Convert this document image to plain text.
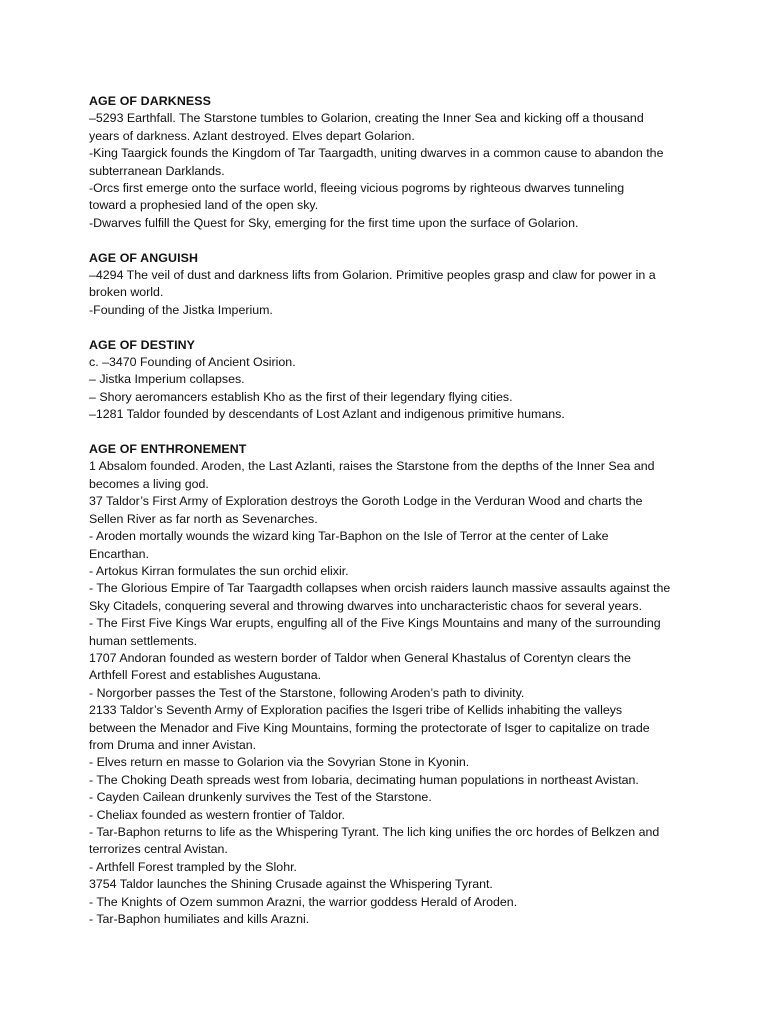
AGE OF DARKNESS
–5293 Earthfall. The Starstone tumbles to Golarion, creating the Inner Sea and kicking off a thousand
years of darkness. Azlant destroyed. Elves depart Golarion.
-King Taargick founds the Kingdom of Tar Taargadth, uniting dwarves in a common cause to abandon the
subterranean Darklands.
-Orcs first emerge onto the surface world, fleeing vicious pogroms by righteous dwarves tunneling
toward a prophesied land of the open sky.
-Dwarves fulfill the Quest for Sky, emerging for the first time upon the surface of Golarion.
AGE OF ANGUISH
–4294 The veil of dust and darkness lifts from Golarion. Primitive peoples grasp and claw for power in a
broken world.
-Founding of the Jistka Imperium.
AGE OF DESTINY
c. –3470 Founding of Ancient Osirion.
– Jistka Imperium collapses.
– Shory aeromancers establish Kho as the first of their legendary flying cities.
–1281 Taldor founded by descendants of Lost Azlant and indigenous primitive humans.
AGE OF ENTHRONEMENT
1 Absalom founded. Aroden, the Last Azlanti, raises the Starstone from the depths of the Inner Sea and
becomes a living god.
37 Taldor’s First Army of Exploration destroys the Goroth Lodge in the Verduran Wood and charts the
Sellen River as far north as Sevenarches.
- Aroden mortally wounds the wizard king Tar-Baphon on the Isle of Terror at the center of Lake
Encarthan.
- Artokus Kirran formulates the sun orchid elixir.
- The Glorious Empire of Tar Taargadth collapses when orcish raiders launch massive assaults against the
Sky Citadels, conquering several and throwing dwarves into uncharacteristic chaos for several years.
- The First Five Kings War erupts, engulfing all of the Five Kings Mountains and many of the surrounding
human settlements.
1707 Andoran founded as western border of Taldor when General Khastalus of Corentyn clears the
Arthfell Forest and establishes Augustana.
- Norgorber passes the Test of the Starstone, following Aroden’s path to divinity.
2133 Taldor’s Seventh Army of Exploration pacifies the Isgeri tribe of Kellids inhabiting the valleys
between the Menador and Five King Mountains, forming the protectorate of Isger to capitalize on trade
from Druma and inner Avistan.
- Elves return en masse to Golarion via the Sovyrian Stone in Kyonin.
- The Choking Death spreads west from Iobaria, decimating human populations in northeast Avistan.
- Cayden Cailean drunkenly survives the Test of the Starstone.
- Cheliax founded as western frontier of Taldor.
- Tar-Baphon returns to life as the Whispering Tyrant. The lich king unifies the orc hordes of Belkzen and
terrorizes central Avistan.
- Arthfell Forest trampled by the Slohr.
3754 Taldor launches the Shining Crusade against the Whispering Tyrant.
- The Knights of Ozem summon Arazni, the warrior goddess Herald of Aroden.
- Tar-Baphon humiliates and kills Arazni.
